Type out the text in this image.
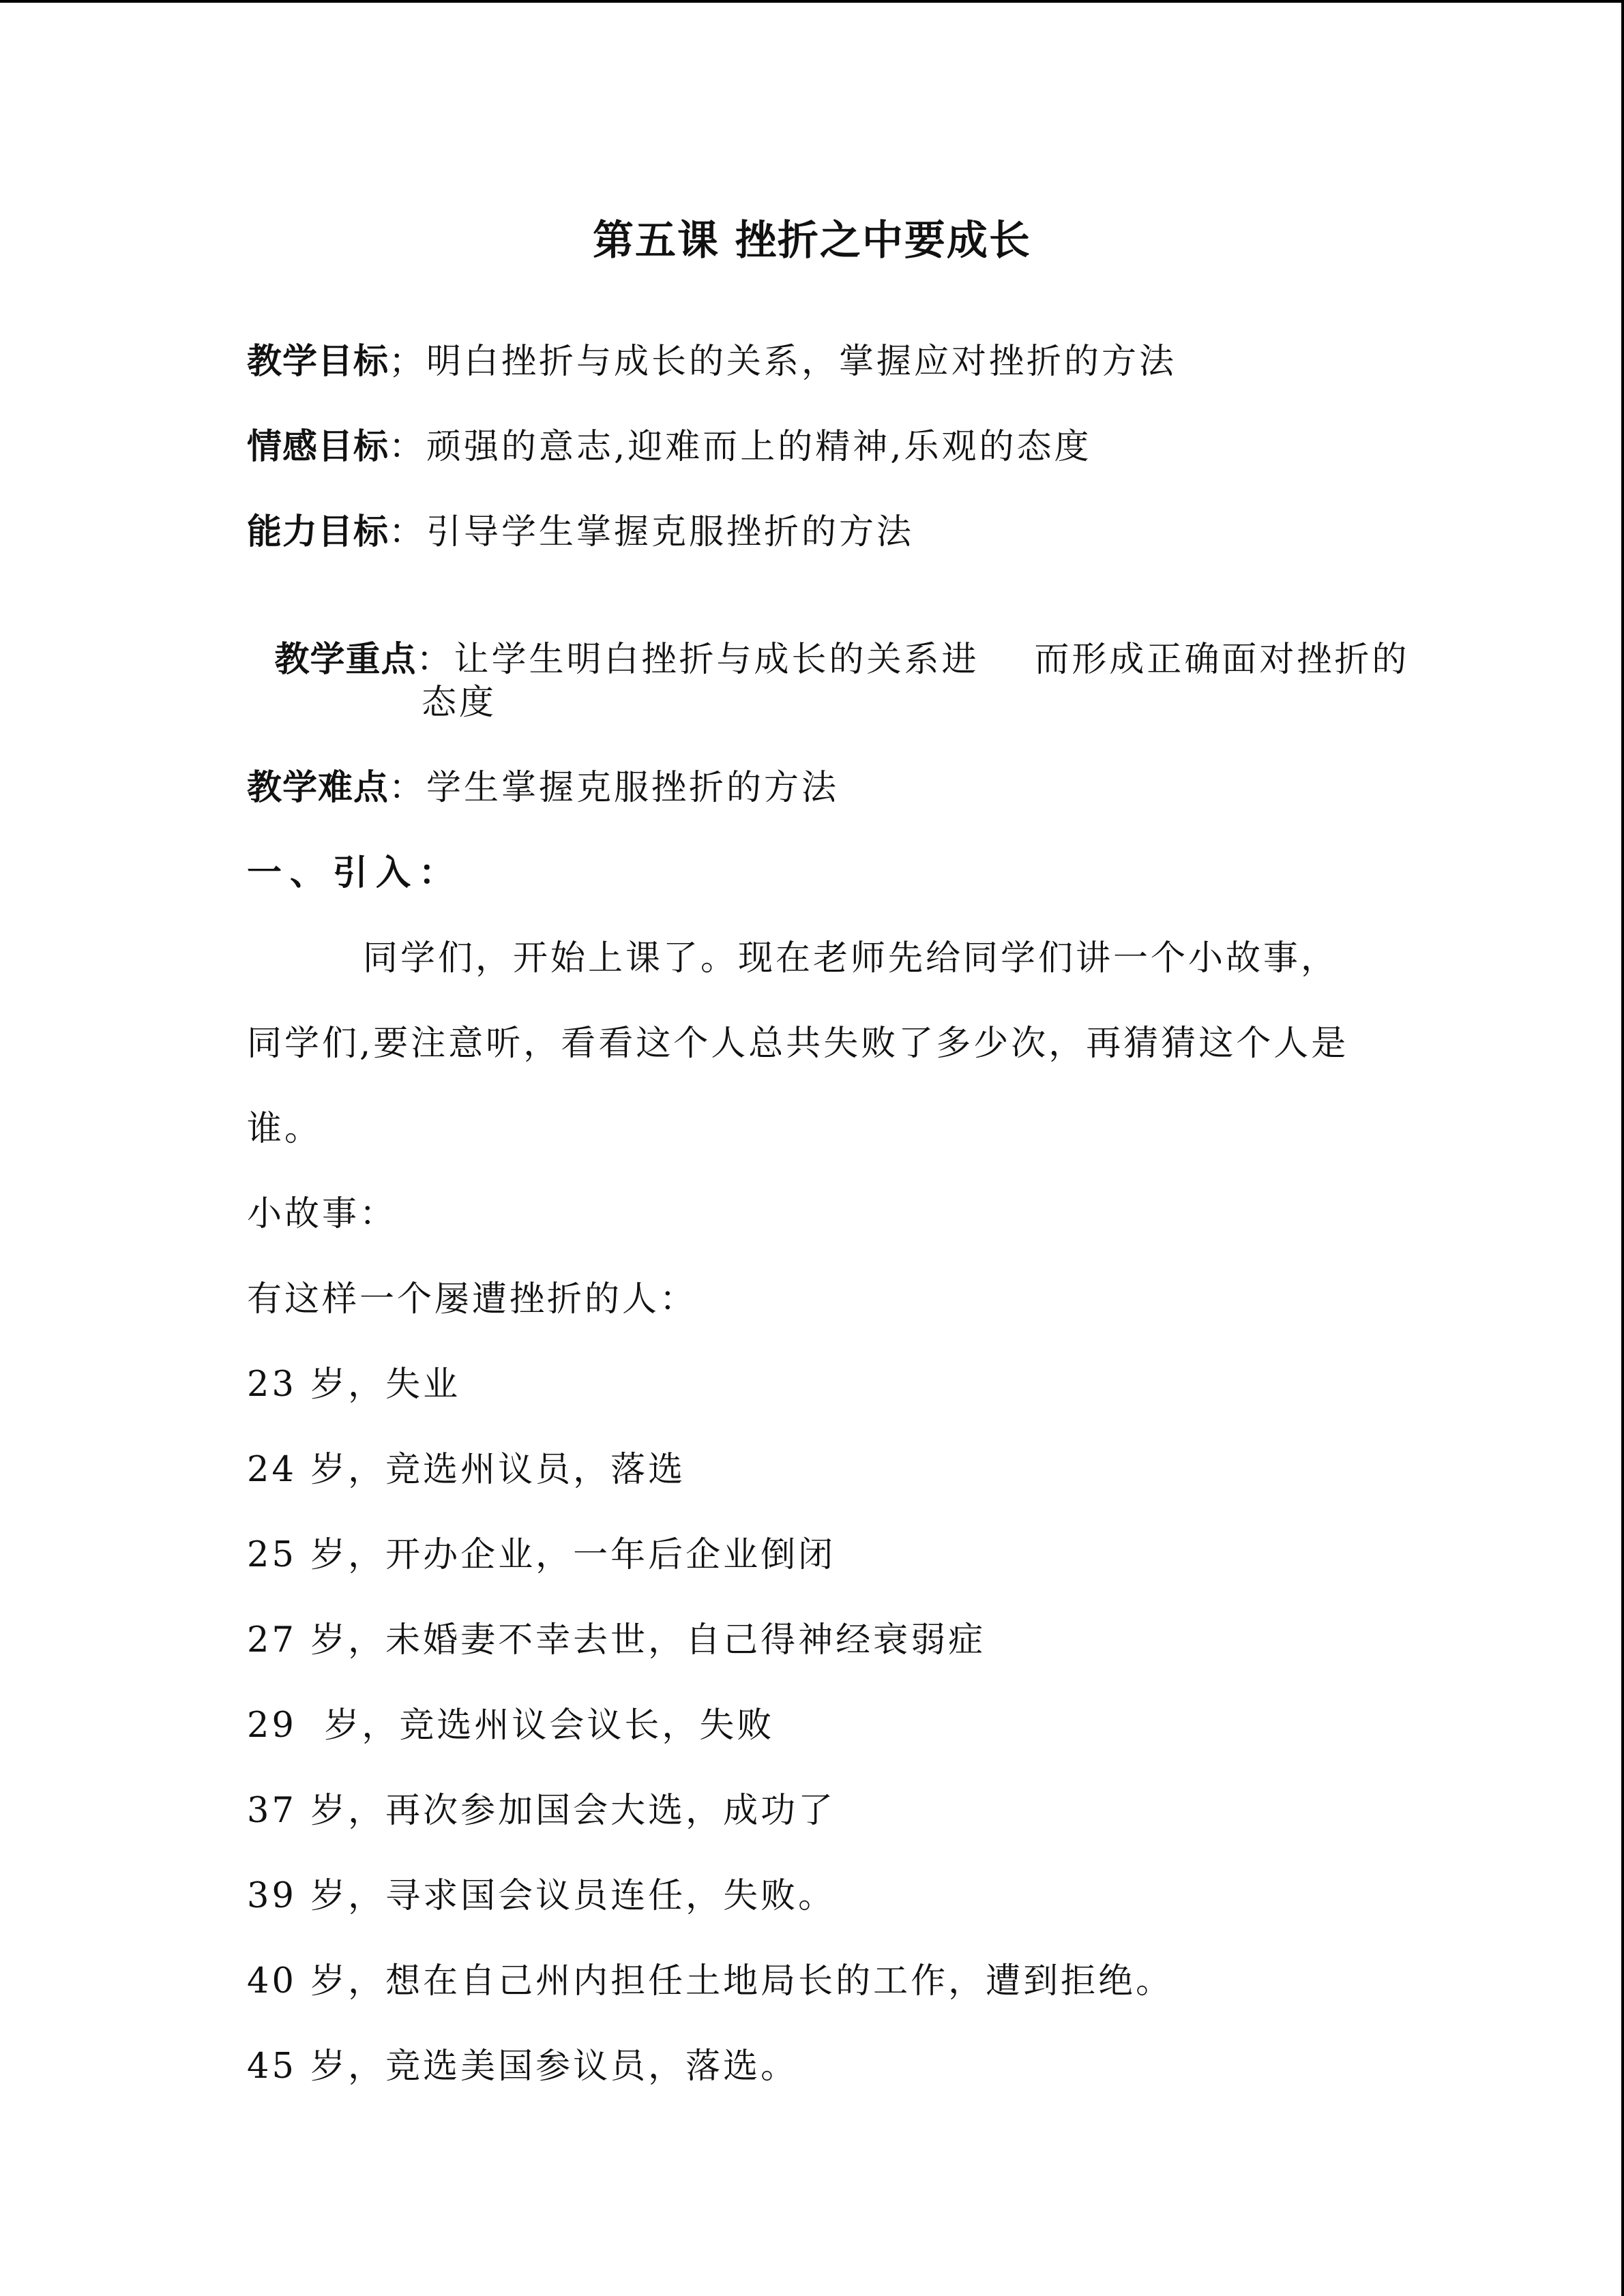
第五课 挫折之中要成长
教学目标；明白挫折与成长的关系，掌握应对挫折的方法
情感目标：顽强的意志,迎难而上的精神,乐观的态度
能力目标：引导学生掌握克服挫折的方法

教学重点：让学生明白挫折与成长的关系进    而形成正确面对挫折的

态度
教学难点：学生掌握克服挫折的方法
一、引入：
同学们，开始上课了。现在老师先给同学们讲一个小故事，
同学们,要注意听，看看这个人总共失败了多少次，再猜猜这个人是
谁。
小故事：
有这样一个屡遭挫折的人：
23 岁，失业
24 岁，竞选州议员，落选
25 岁，开办企业，一年后企业倒闭
27 岁，未婚妻不幸去世，自己得神经衰弱症
29  岁，竞选州议会议长，失败
37 岁，再次参加国会大选，成功了
39 岁，寻求国会议员连任，失败。
40 岁，想在自己州内担任土地局长的工作，遭到拒绝。
45 岁，竞选美国参议员，落选。
